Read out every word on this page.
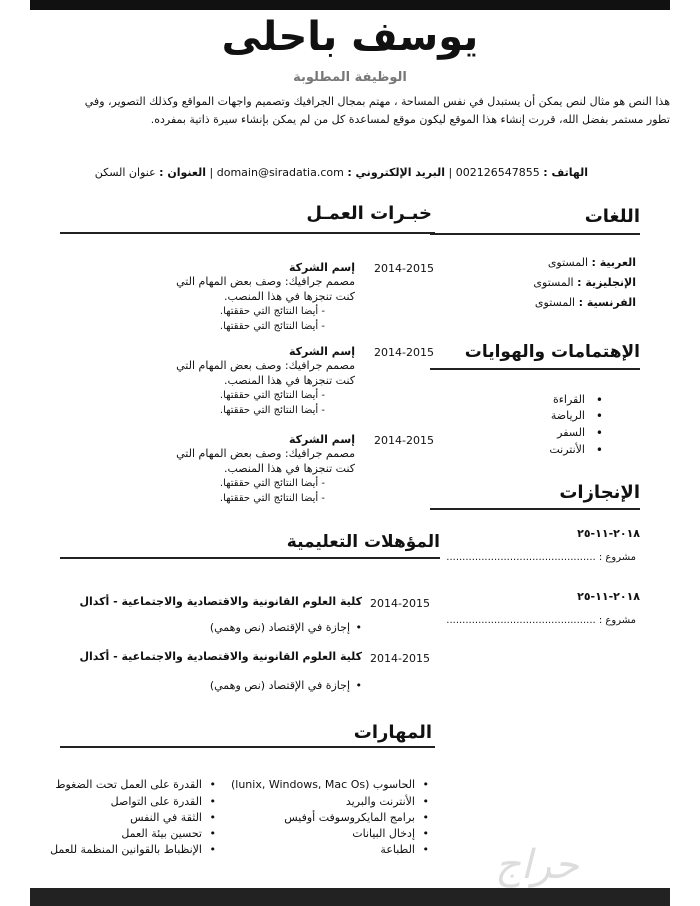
يوسف باحلى
الوظيفة المطلوبة
هذا النص هو مثال لنص يمكن أن يستبدل في نفس المساحة ، مهتم بمجال الجرافيك وتصميم واجهات المواقع وكذلك التصوير، وفي
تطور مستمر بفضل الله، قررت إنشاء هذا الموقع ليكون موقع لمساعدة كل من لم يمكن بإنشاء سيرة ذاتية بمفرده.
الهاتف : 002126547855 | البريد الإلكتروني : domain@siradatia.com | العنوان : عنوان السكن
اللغات
العربية : المستوى
الإنجليزية : المستوى
الفرنسية : المستوى
الإهتمامات والهوايات
القراءة •
الرياضة •
السفر •
الأنترنت •
الإنجازات
٢٠١٨-١١-٢٥
مشروع : ...............................................
٢٠١٨-١١-٢٥
مشروع : ...............................................
خبـرات العمـل
2014-2015
إسم الشركة
مصمم جرافيك: وصف بعض المهام التي كنت تنجزها في هذا المنصب.
- أيضا النتائج التي حققتها.
- أيضا النتائج التي حققتها.
2014-2015
إسم الشركة
مصمم جرافيك: وصف بعض المهام التي كنت تنجزها في هذا المنصب.
- أيضا النتائج التي حققتها.
- أيضا النتائج التي حققتها.
2014-2015
إسم الشركة
مصمم جرافيك: وصف بعض المهام التي كنت تنجزها في هذا المنصب.
- أيضا النتائج التي حققتها.
- أيضا النتائج التي حققتها.
المؤهلات التعليمية
2014-2015
كلية العلوم القانونية والاقتصادية والاجتماعية - أكدال
إجازة في الإقتصاد (نص وهمي) •
2014-2015
كلية العلوم القانونية والاقتصادية والاجتماعية - أكدال
إجازة في الإقتصاد (نص وهمي) •
المهارات
الحاسوب (lunix, Windows, Mac Os) •
الأنترنت والبريد •
برامج المايكروسوفت أوفيس •
إدخال البيانات •
الطباعة •
القدرة على العمل تحت الضغوط •
القدرة على التواصل •
الثقة في النفس •
تحسين بيئة العمل •
الإنظباط بالقوانين المنظمة للعمل •	حراج
